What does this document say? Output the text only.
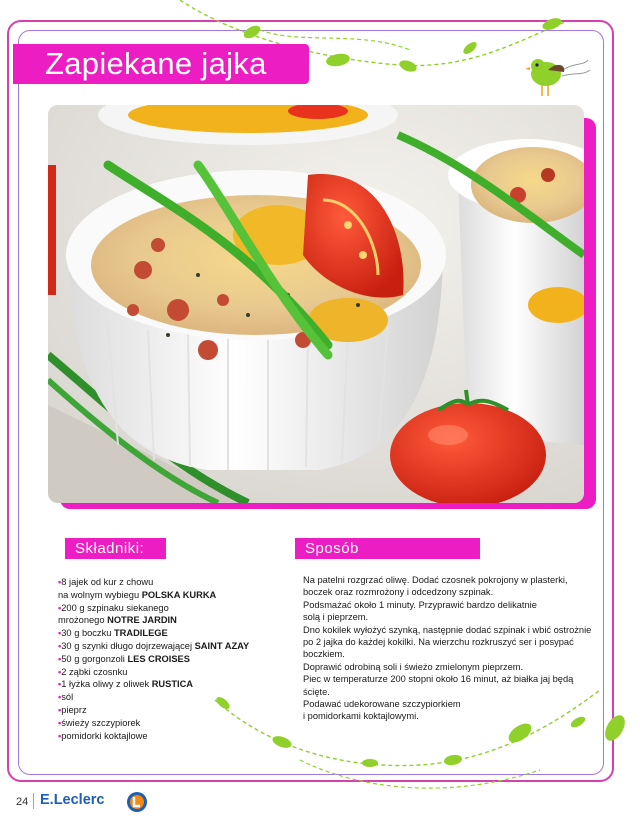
Zapiekane jajka
Składniki:	Sposób przygotowania:
•8 jajek od kur z chowu
na wolnym wybiegu POLSKA KURKA
•200 g szpinaku siekanego
mrożonego NOTRE JARDIN
•30 g boczku TRADILEGE
•30 g szynki długo dojrzewającej SAINT AZAY
•50 g gorgonzoli LES CROISES
•2 ząbki czosnku
•1 łyżka oliwy z oliwek RUSTICA
•sól
•pieprz
•świeży szczypiorek
•pomidorki koktajlowe

Na patelni rozgrzać oliwę. Dodać czosnek pokrojony w plasterki,

boczek oraz rozmrożony i odcedzony szpinak.

Podsmażać około 1 minuty. Przyprawić bardzo delikatnie

solą i pieprzem.

Dno kokilek wyłożyć szynką, następnie dodać szpinak i wbić ostrożnie

po 2 jajka do każdej kokilki. Na wierzchu rozkruszyć ser i posypać

boczkiem.

Doprawić odrobiną soli i świeżo zmielonym pieprzem.

Piec w temperaturze 200 stopni około 16 minut, aż białka jaj będą

ścięte.

Podawać udekorowane szczypiorkiem

i pomidorkami koktajlowymi.

24 E.Leclerc
